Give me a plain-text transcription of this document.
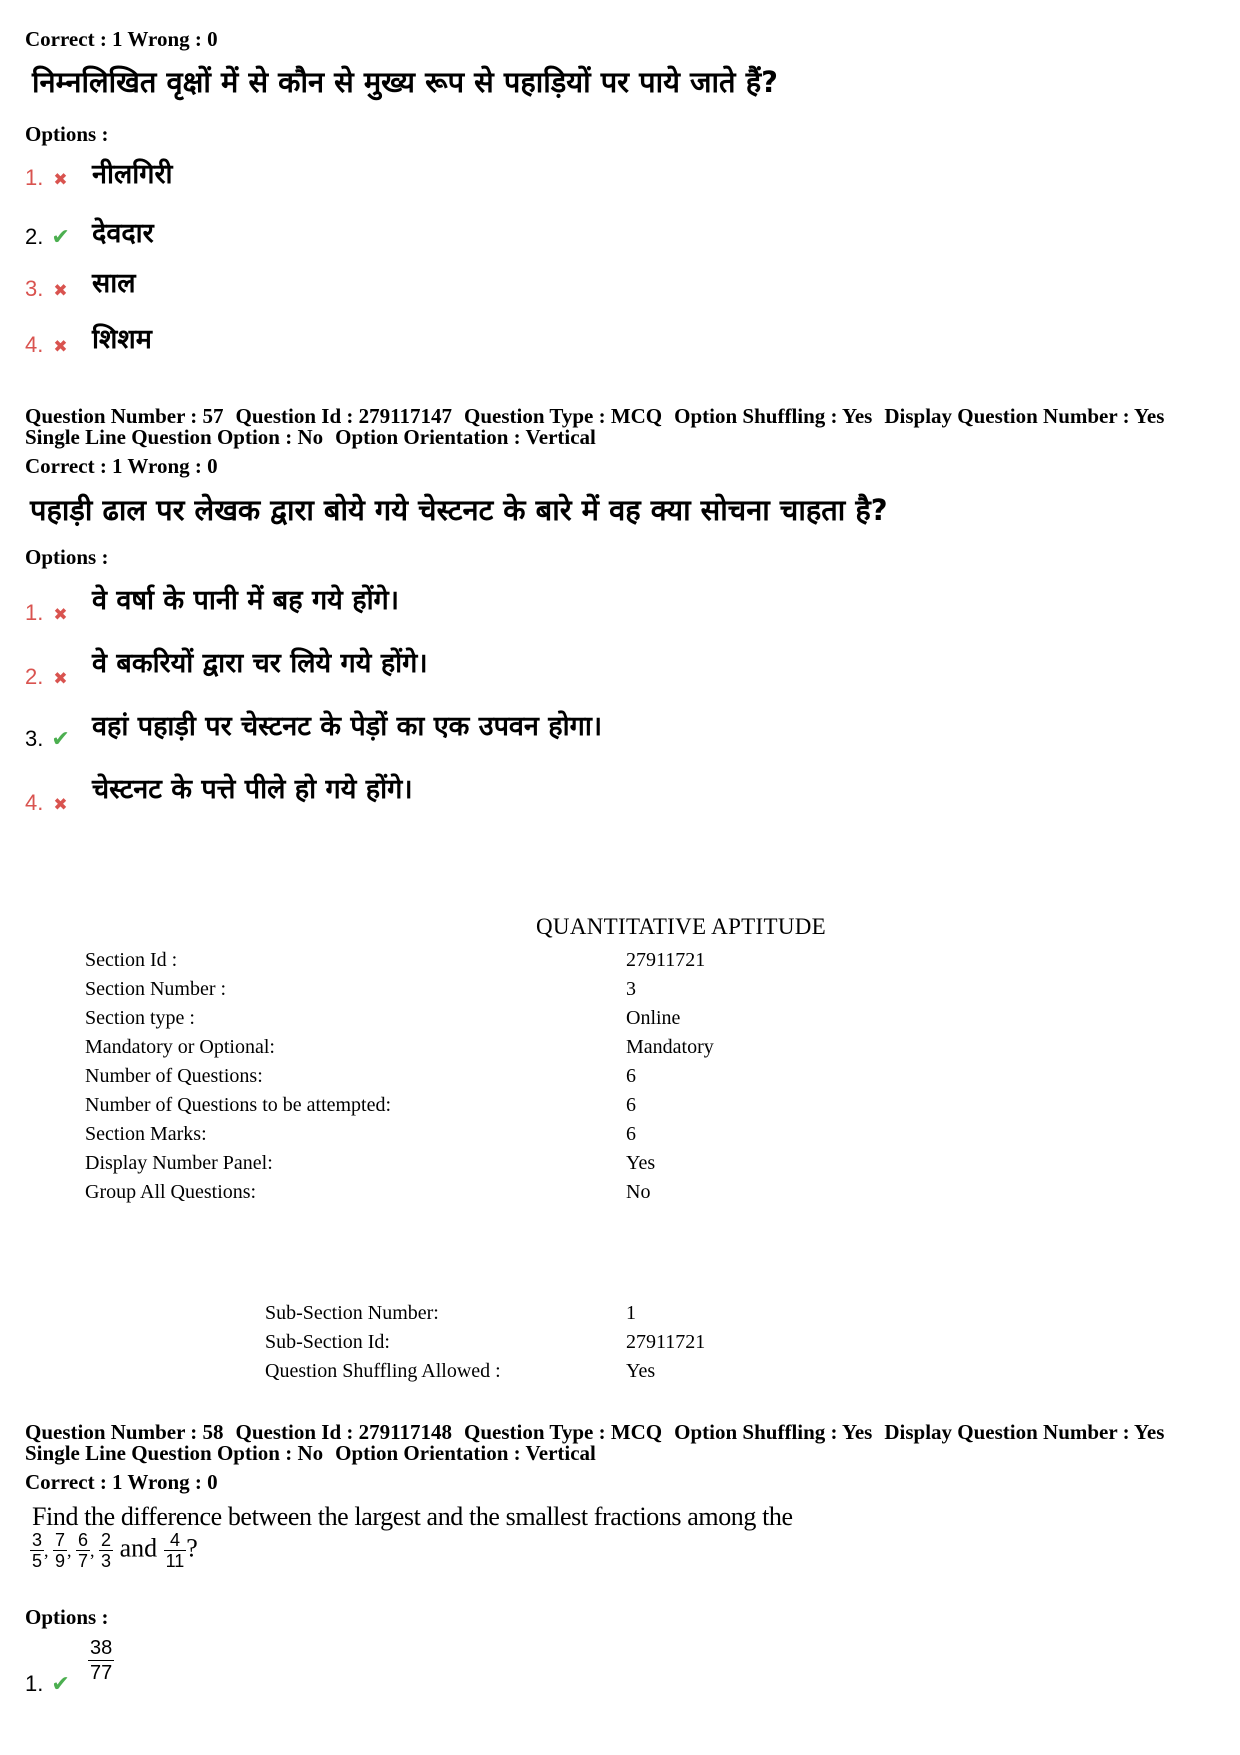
Correct : 1 Wrong : 0
निम्नलिखित वृक्षों में से कौन से मुख्य रूप से पहाड़ियों पर पाये जाते हैं?
Options :
1. ✖ नीलगिरी
2. ✔ देवदार
3. ✖ साल
4. ✖ शिशम
Question Number : 57 Question Id : 279117147 Question Type : MCQ Option Shuffling : Yes Display Question Number : Yes
Single Line Question Option : No Option Orientation : Vertical
Correct : 1 Wrong : 0
पहाड़ी ढाल पर लेखक द्वारा बोये गये चेस्टनट के बारे में वह क्या सोचना चाहता है?
Options :
1. ✖ वे वर्षा के पानी में बह गये होंगे।
2. ✖ वे बकरियों द्वारा चर लिये गये होंगे।
3. ✔ वहां पहाड़ी पर चेस्टनट के पेड़ों का एक उपवन होगा।
4. ✖ चेस्टनट के पत्ते पीले हो गये होंगे।
QUANTITATIVE APTITUDE
Section Id :	27911721
Section Number :	3
Section type :	Online
Mandatory or Optional:	Mandatory
Number of Questions:	6
Number of Questions to be attempted:	6
Section Marks:	6
Display Number Panel:	Yes
Group All Questions:	No
Sub-Section Number:	1
Sub-Section Id:	27911721
Question Shuffling Allowed :	Yes
Question Number : 58 Question Id : 279117148 Question Type : MCQ Option Shuffling : Yes Display Question Number : Yes
Single Line Question Option : No Option Orientation : Vertical
Correct : 1 Wrong : 0
Find the difference between the largest and the smallest fractions among the
$\frac{3}{5}$ , $\frac{7}{9}$ , $\frac{6}{7}$ , $\frac{2}{3}$ and $\frac{4}{11}$ ?
Options :
1. ✔ $\frac{38}{77}$
